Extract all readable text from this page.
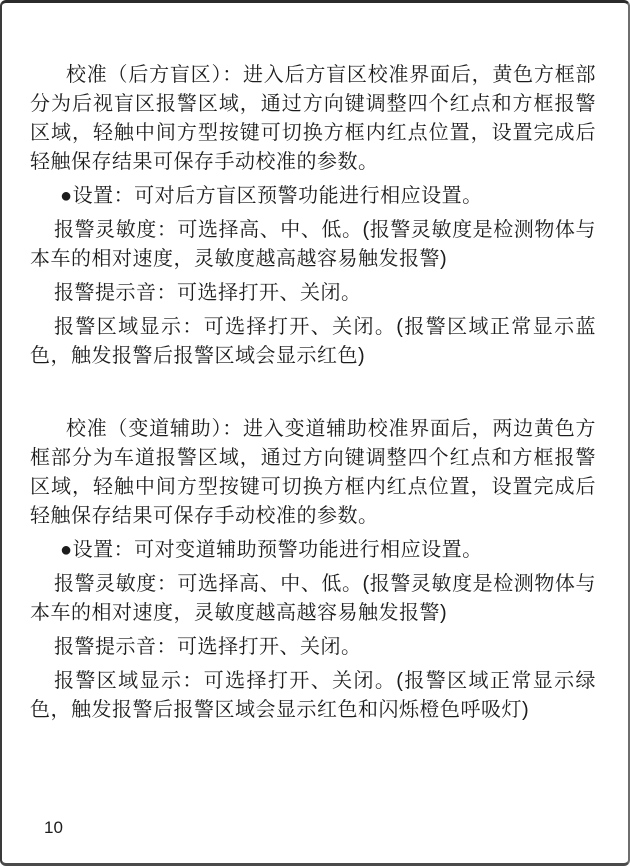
校准（后方盲区）：进入后方盲区校准界面后，黄色方框部分为后视盲区报警区域，通过方向键调整四个红点和方框报警区域，轻触中间方型按键可切换方框内红点位置，设置完成后轻触保存结果可保存手动校准的参数。

●设置：可对后方盲区预警功能进行相应设置。

报警灵敏度：可选择高、中、低。(报警灵敏度是检测物体与本车的相对速度，灵敏度越高越容易触发报警)

报警提示音：可选择打开、关闭。

报警区域显示：可选择打开、关闭。(报警区域正常显示蓝色，触发报警后报警区域会显示红色)

校准（变道辅助）：进入变道辅助校准界面后，两边黄色方框部分为车道报警区域，通过方向键调整四个红点和方框报警区域，轻触中间方型按键可切换方框内红点位置，设置完成后轻触保存结果可保存手动校准的参数。

●设置：可对变道辅助预警功能进行相应设置。

报警灵敏度：可选择高、中、低。(报警灵敏度是检测物体与本车的相对速度，灵敏度越高越容易触发报警)

报警提示音：可选择打开、关闭。

报警区域显示：可选择打开、关闭。(报警区域正常显示绿色，触发报警后报警区域会显示红色和闪烁橙色呼吸灯)

10
